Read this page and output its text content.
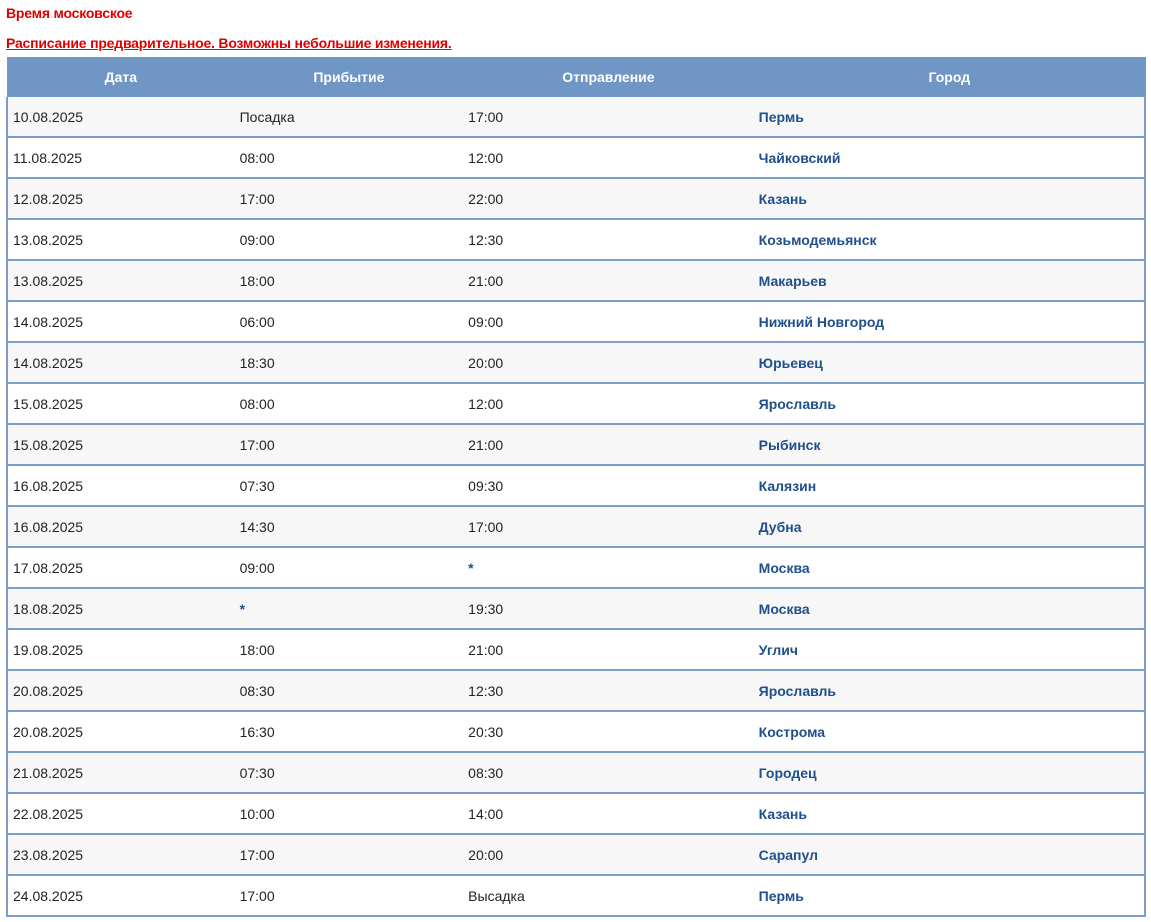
Время московское
Расписание предварительное. Возможны небольшие изменения.
Дата	Прибытие	Отправление	Город
10.08.2025	Посадка	17:00	Пермь
11.08.2025	08:00	12:00	Чайковский
12.08.2025	17:00	22:00	Казань
13.08.2025	09:00	12:30	Козьмодемьянск
13.08.2025	18:00	21:00	Макарьев
14.08.2025	06:00	09:00	Нижний Новгород
14.08.2025	18:30	20:00	Юрьевец
15.08.2025	08:00	12:00	Ярославль
15.08.2025	17:00	21:00	Рыбинск
16.08.2025	07:30	09:30	Калязин
16.08.2025	14:30	17:00	Дубна
17.08.2025	09:00	*	Москва
18.08.2025	*	19:30	Москва
19.08.2025	18:00	21:00	Углич
20.08.2025	08:30	12:30	Ярославль
20.08.2025	16:30	20:30	Кострома
21.08.2025	07:30	08:30	Городец
22.08.2025	10:00	14:00	Казань
23.08.2025	17:00	20:00	Сарапул
24.08.2025	17:00	Высадка	Пермь
